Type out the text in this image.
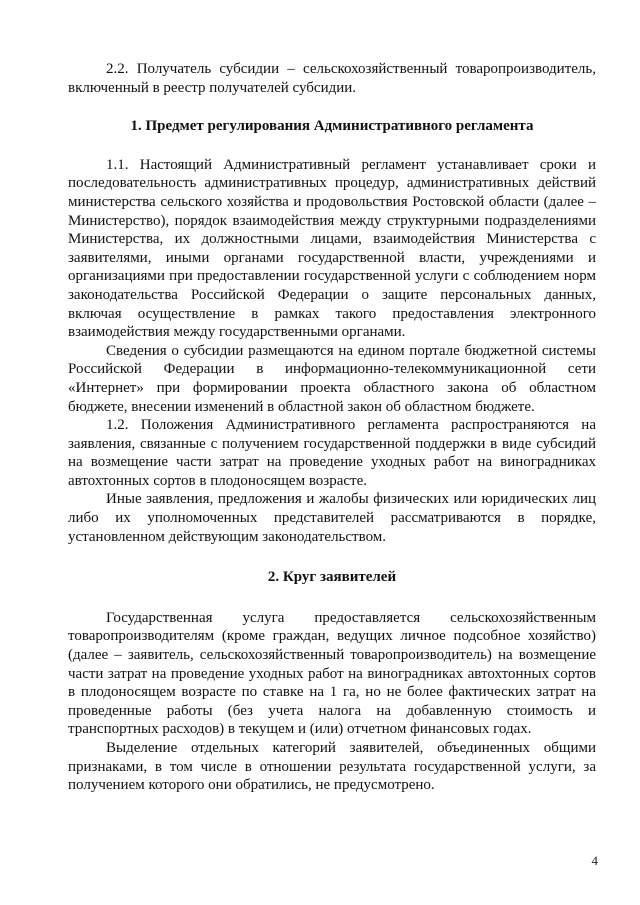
2.2. Получатель субсидии – сельскохозяйственный товаропроизводитель, включенный в реестр получателей субсидии.

1. Предмет регулирования Административного регламента

1.1. Настоящий Административный регламент устанавливает сроки и последовательность административных процедур, административных действий министерства сельского хозяйства и продовольствия Ростовской области (далее – Министерство), порядок взаимодействия между структурными подразделениями Министерства, их должностными лицами, взаимодействия Министерства с заявителями, иными органами государственной власти, учреждениями и организациями при предоставлении государственной услуги с соблюдением норм законодательства Российской Федерации о защите персональных данных, включая осуществление в рамках такого предоставления электронного взаимодействия между государственными органами.

Сведения о субсидии размещаются на едином портале бюджетной системы Российской Федерации в информационно-телекоммуникационной сети «Интернет» при формировании проекта областного закона об областном бюджете, внесении изменений в областной закон об областном бюджете.

1.2. Положения Административного регламента распространяются на заявления, связанные с получением государственной поддержки в виде субсидий на возмещение части затрат на проведение уходных работ на виноградниках автохтонных сортов в плодоносящем возрасте.

Иные заявления, предложения и жалобы физических или юридических лиц либо их уполномоченных представителей рассматриваются в порядке, установленном действующим законодательством.

2. Круг заявителей

Государственная услуга предоставляется сельскохозяйственным товаропроизводителям (кроме граждан, ведущих личное подсобное хозяйство) (далее – заявитель, сельскохозяйственный товаропроизводитель) на возмещение части затрат на проведение уходных работ на виноградниках автохтонных сортов в плодоносящем возрасте по ставке на 1 га, но не более фактических затрат на проведенные работы (без учета налога на добавленную стоимость и транспортных расходов) в текущем и (или) отчетном финансовых годах.

Выделение отдельных категорий заявителей, объединенных общими признаками, в том числе в отношении результата государственной услуги, за получением которого они обратились, не предусмотрено.

4
